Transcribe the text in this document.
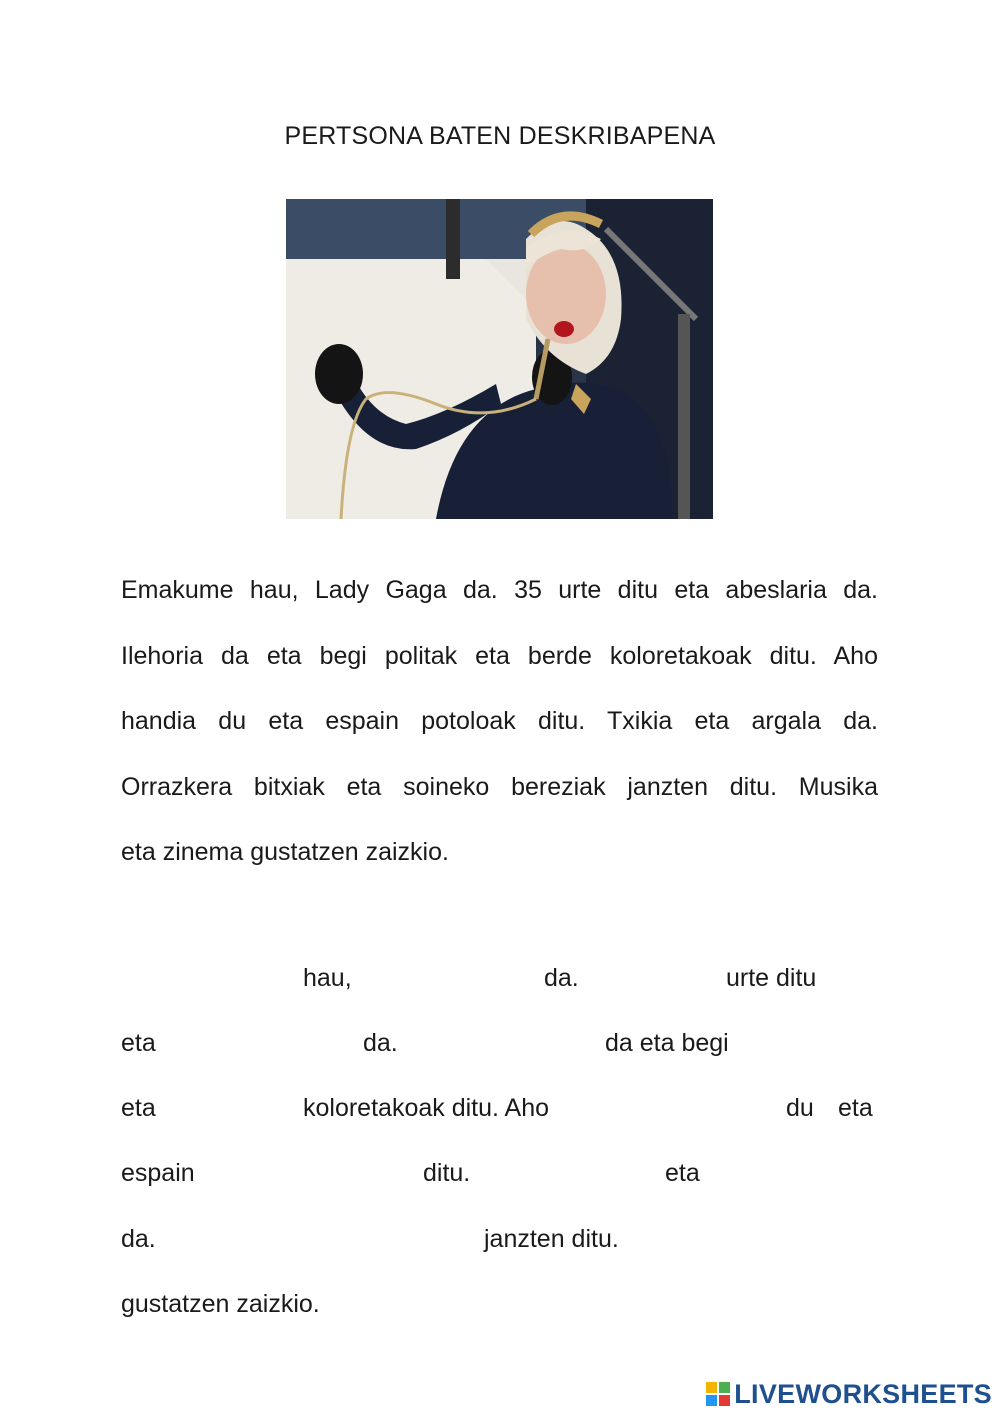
PERTSONA BATEN DESKRIBAPENA
Emakume hau, Lady Gaga da. 35 urte ditu eta abeslaria da.
Ilehoria da eta begi politak eta berde koloretakoak ditu. Aho
handia du eta espain potoloak ditu. Txikia eta argala da.
Orrazkera bitxiak eta soineko bereziak janzten ditu. Musika
eta zinema gustatzen zaizkio.
hau,	da.	urte ditu
eta	da.	da eta begi
eta	koloretakoak ditu. Aho	du eta
espain	ditu.	eta
da.	janzten ditu.
gustatzen zaizkio.
LIVEWORKSHEETS
